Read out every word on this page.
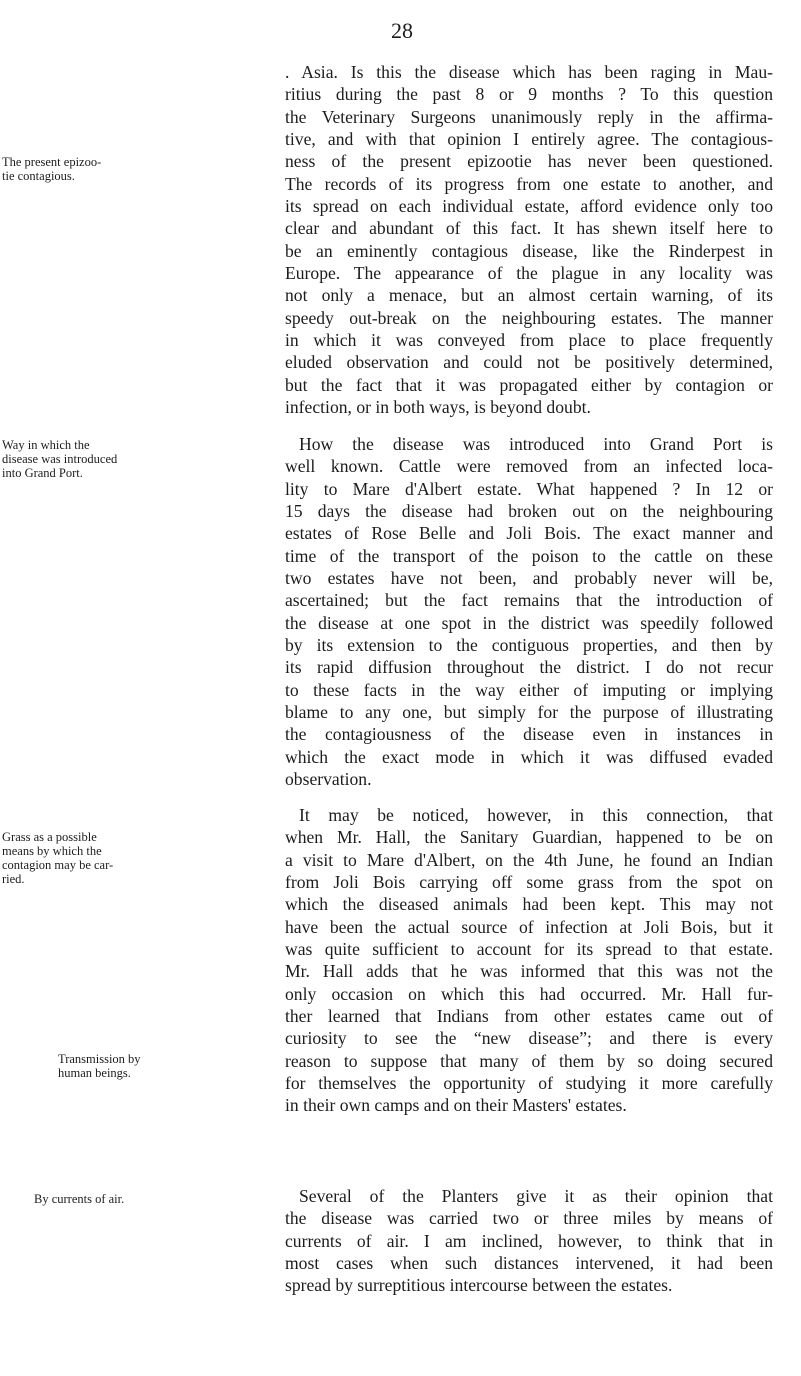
28
. Asia. Is this the disease which has been raging in Mau-
ritius during the past 8 or 9 months ? To this question
the Veterinary Surgeons unanimously reply in the affirma-
tive, and with that opinion I entirely agree. The contagious-
ness of the present epizootie has never been questioned.
The records of its progress from one estate to another, and
its spread on each individual estate, afford evidence only too
clear and abundant of this fact. It has shewn itself here to
be an eminently contagious disease, like the Rinderpest in
Europe. The appearance of the plague in any locality was
not only a menace, but an almost certain warning, of its
speedy out-break on the neighbouring estates. The manner
in which it was conveyed from place to place frequently
eluded observation and could not be positively determined,
but the fact that it was propagated either by contagion or
infection, or in both ways, is beyond doubt.
The present epizoo-
tie contagious.
How the disease was introduced into Grand Port is
well known. Cattle were removed from an infected loca-
lity to Mare d'Albert estate. What happened ? In 12 or
15 days the disease had broken out on the neighbouring
estates of Rose Belle and Joli Bois. The exact manner and
time of the transport of the poison to the cattle on these
two estates have not been, and probably never will be,
ascertained; but the fact remains that the introduction of
the disease at one spot in the district was speedily followed
by its extension to the contiguous properties, and then by
its rapid diffusion throughout the district. I do not recur
to these facts in the way either of imputing or implying
blame to any one, but simply for the purpose of illustrating
the contagiousness of the disease even in instances in
which the exact mode in which it was diffused evaded
observation.
Way in which the
disease was introduced
into Grand Port.
It may be noticed, however, in this connection, that
when Mr. Hall, the Sanitary Guardian, happened to be on
a visit to Mare d'Albert, on the 4th June, he found an Indian
from Joli Bois carrying off some grass from the spot on
which the diseased animals had been kept. This may not
have been the actual source of infection at Joli Bois, but it
was quite sufficient to account for its spread to that estate.
Mr. Hall adds that he was informed that this was not the
only occasion on which this had occurred. Mr. Hall fur-
ther learned that Indians from other estates came out of
curiosity to see the “new disease”; and there is every
reason to suppose that many of them by so doing secured
for themselves the opportunity of studying it more carefully
in their own camps and on their Masters' estates.
Grass as a possible
means by which the
contagion may be car-
ried.
Transmission by
human beings.
Several of the Planters give it as their opinion that
the disease was carried two or three miles by means of
currents of air. I am inclined, however, to think that in
most cases when such distances intervened, it had been
spread by surreptitious intercourse between the estates.
By currents of air.
